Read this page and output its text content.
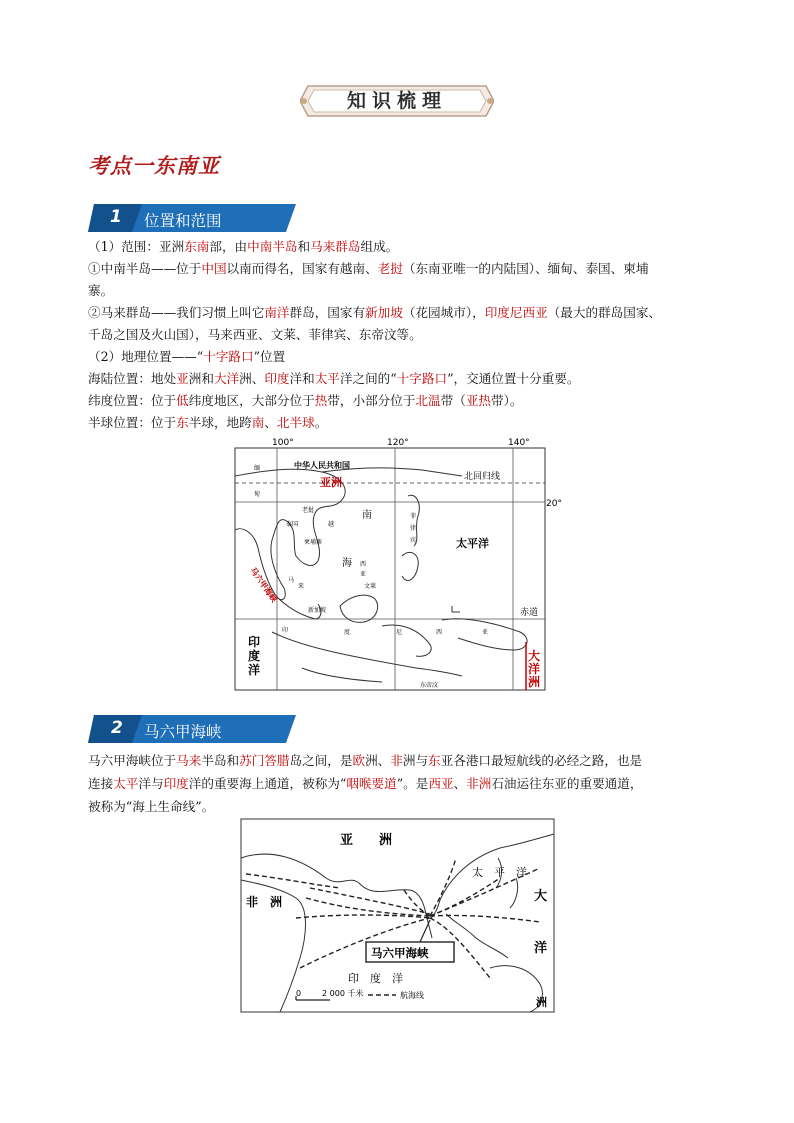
知识梳理
考点一东南亚
1 位置和范围
（1）范围：亚洲东南部，由中南半岛和马来群岛组成。
①中南半岛——位于中国以南而得名，国家有越南、老挝（东南亚唯一的内陆国）、缅甸、泰国、柬埔
寨。
②马来群岛——我们习惯上叫它南洋群岛，国家有新加坡（花园城市），印度尼西亚（最大的群岛国家、
千岛之国及火山国），马来西亚、文莱、菲律宾、东帝汶等。
（2）地理位置——“十字路口”位置
海陆位置：地处亚洲和大洋洲、印度洋和太平洋之间的“十字路口”，交通位置十分重要。
纬度位置：位于低纬度地区，大部分位于热带，小部分位于北温带（亚热带）。
半球位置：位于东半球，地跨南、北半球。
100°	120°	140°
20°
中华人民共和国
亚洲	北回归线
南
海
太平洋
赤道
印
度
洋
大
洋
洲
马六甲海峡
缅
甸
泰国
老挝
柬埔寨
越
菲
律
宾
马
来
西
亚
文莱
新加坡
印	度	尼	西	亚
东帝汶
2 马六甲海峡
马六甲海峡位于马来半岛和苏门答腊岛之间，是欧洲、非洲与东亚各港口最短航线的必经之路，也是
连接太平洋与印度洋的重要海上通道，被称为“咽喉要道”。是西亚、非洲石油运往东亚的重要通道，
被称为“海上生命线”。
亚　　洲
非　洲
太　平　洋
大
洋
洲
马六甲海峡
印　度　洋
0	2 000 千米	航海线
